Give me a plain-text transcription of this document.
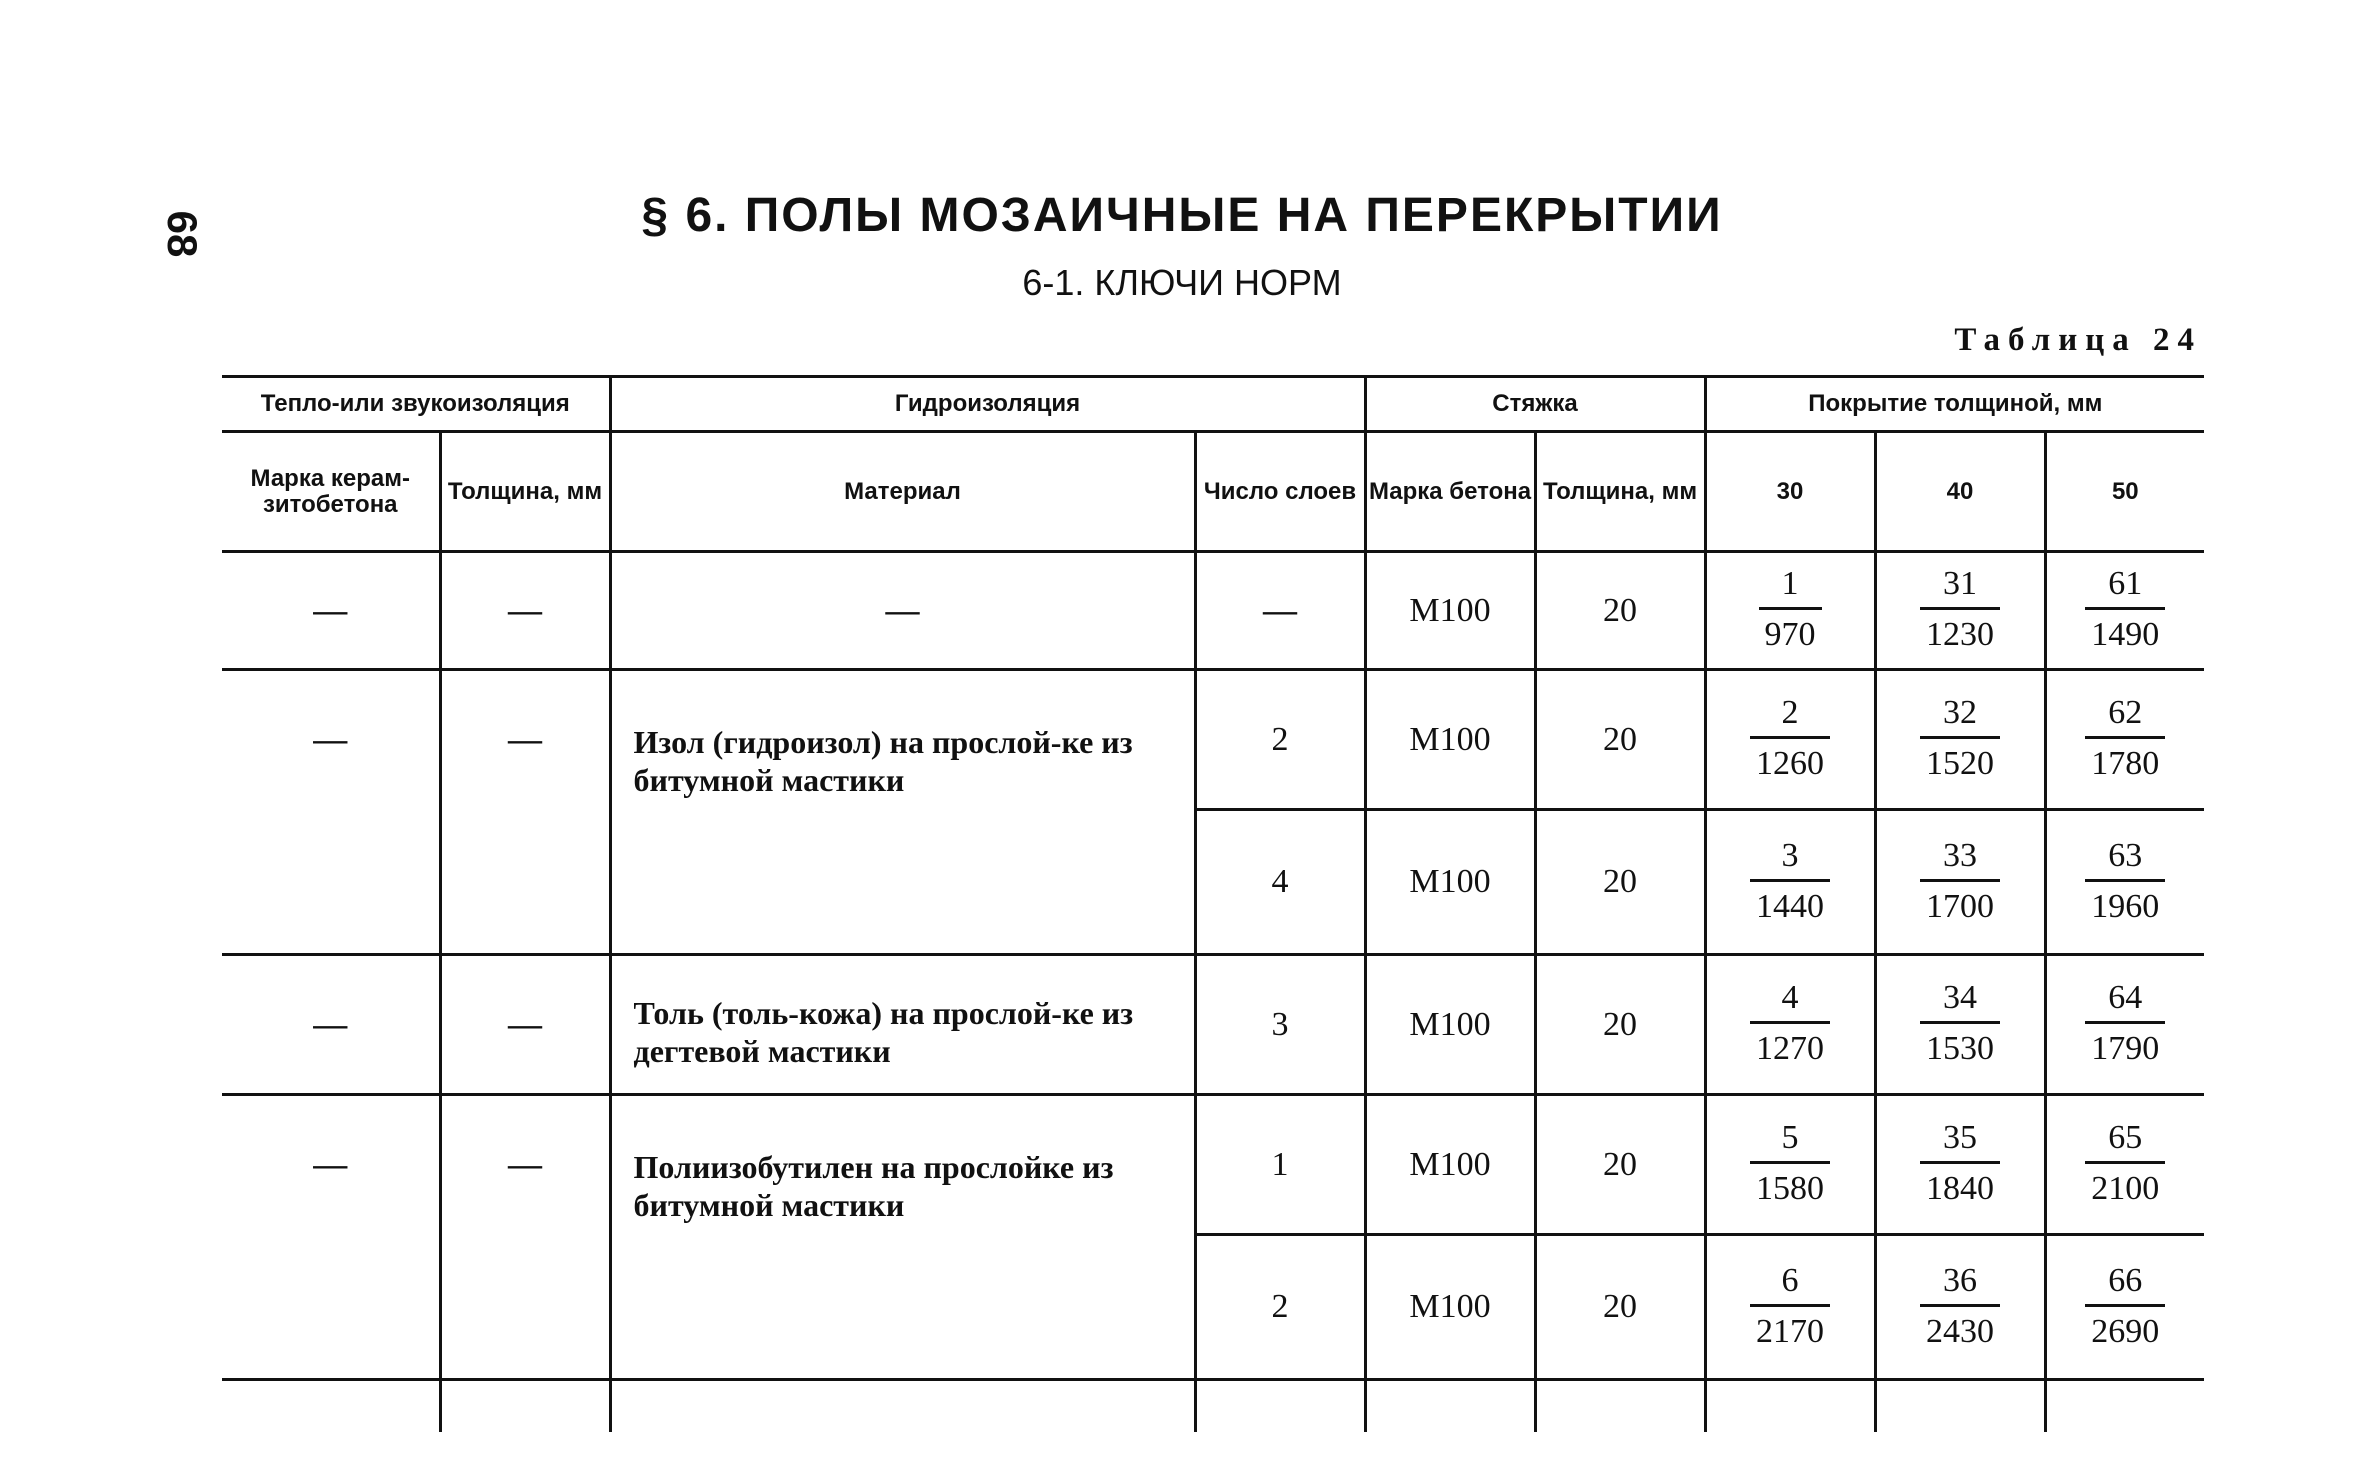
68	§ 6. ПОЛЫ МОЗАИЧНЫЕ НА ПЕРЕКРЫТИИ
6-1. КЛЮЧИ НОРМ
Таблица 24
Тепло-или звукоизоляция		Гидроизоляция		Стяжка		Покрытие толщиной, мм		
Марка керам-зитобетона	Толщина, мм	Материал	Число слоев	Марка бетона	Толщина, мм	30	40	50
—	—	—	—	М100	20	$\frac{1}{970}$	$\frac{31}{1230}$	$\frac{61}{1490}$

—	—	Изол (гидроизол) на прослой-ке из битумной мастики	2	М100	20	$\frac{2}{1260}$	$\frac{32}{1520}$	$\frac{62}{1780}$

			4	М100	20	$\frac{3}{1440}$	$\frac{33}{1700}$	$\frac{63}{1960}$

—	—	Толь (толь-кожа) на прослой-ке из дегтевой мастики	3	М100	20	$\frac{4}{1270}$	$\frac{34}{1530}$	$\frac{64}{1790}$

—	—	Полиизобутилен на прослойке из битумной мастики	1	М100	20	$\frac{5}{1580}$	$\frac{35}{1840}$	$\frac{65}{2100}$

			2	М100	20	$\frac{6}{2170}$	$\frac{36}{2430}$	$\frac{66}{2690}$
